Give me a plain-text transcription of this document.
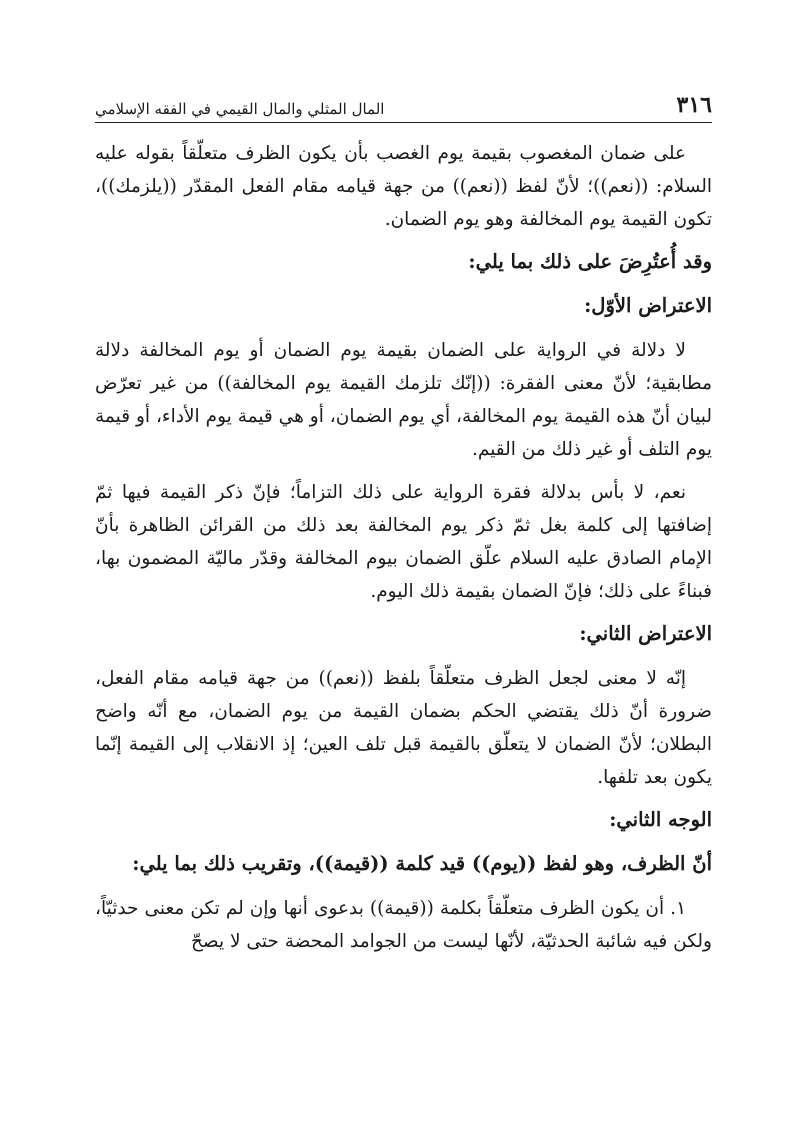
٣١٦
المال المثلي والمال القيمي في الفقه الإسلامي

على ضمان المغصوب بقيمة يوم الغصب بأن يكون الظرف متعلّقاً بقوله عليه السلام: ((نعم))؛ لأنّ لفظ ((نعم)) من جهة قيامه مقام الفعل المقدّر ((يلزمك))، تكون القيمة يوم المخالفة وهو يوم الضمان.

وقد أُعتُرِضَ على ذلك بما يلي:
الاعتراض الأوّل:

لا دلالة في الرواية على الضمان بقيمة يوم الضمان أو يوم المخالفة دلالة مطابقية؛ لأنّ معنى الفقرة: ((إنّك تلزمك القيمة يوم المخالفة)) من غير تعرّض لبيان أنّ هذه القيمة يوم المخالفة، أي يوم الضمان، أو هي قيمة يوم الأداء، أو قيمة يوم التلف أو غير ذلك من القيم.

نعم، لا بأس بدلالة فقرة الرواية على ذلك التزاماً؛ فإنّ ذكر القيمة فيها ثمّ إضافتها إلى كلمة بغل ثمّ ذكر يوم المخالفة بعد ذلك من القرائن الظاهرة بأنّ الإمام الصادق عليه السلام علّق الضمان بيوم المخالفة وقدّر ماليّة المضمون بها، فبناءً على ذلك؛ فإنّ الضمان بقيمة ذلك اليوم.

الاعتراض الثاني:

إنّه لا معنى لجعل الظرف متعلّقاً بلفظ ((نعم)) من جهة قيامه مقام الفعل، ضرورة أنّ ذلك يقتضي الحكم بضمان القيمة من يوم الضمان، مع أنّه واضح البطلان؛ لأنّ الضمان لا يتعلّق بالقيمة قبل تلف العين؛ إذ الانقلاب إلى القيمة إنّما يكون بعد تلفها.

الوجه الثاني:
أنّ الظرف، وهو لفظ ((يوم)) قيد كلمة ((قيمة))، وتقريب ذلك بما يلي:

١. أن يكون الظرف متعلّقاً بكلمة ((قيمة)) بدعوى أنها وإن لم تكن معنى حدثيّاً، ولكن فيه شائبة الحدثيّة، لأنّها ليست من الجوامد المحضة حتى لا يصحّ
